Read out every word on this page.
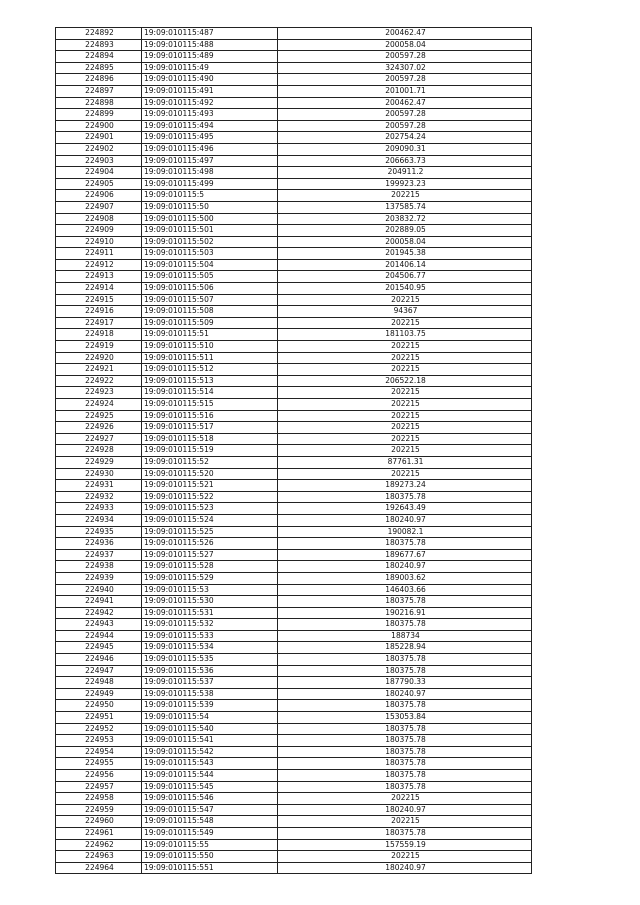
224892	19:09:010115:487	200462.47
224893	19:09:010115:488	200058.04
224894	19:09:010115:489	200597.28
224895	19:09:010115:49	324307.02
224896	19:09:010115:490	200597.28
224897	19:09:010115:491	201001.71
224898	19:09:010115:492	200462.47
224899	19:09:010115:493	200597.28
224900	19:09:010115:494	200597.28
224901	19:09:010115:495	202754.24
224902	19:09:010115:496	209090.31
224903	19:09:010115:497	206663.73
224904	19:09:010115:498	204911.2
224905	19:09:010115:499	199923.23
224906	19:09:010115:5	202215
224907	19:09:010115:50	137585.74
224908	19:09:010115:500	203832.72
224909	19:09:010115:501	202889.05
224910	19:09:010115:502	200058.04
224911	19:09:010115:503	201945.38
224912	19:09:010115:504	201406.14
224913	19:09:010115:505	204506.77
224914	19:09:010115:506	201540.95
224915	19:09:010115:507	202215
224916	19:09:010115:508	94367
224917	19:09:010115:509	202215
224918	19:09:010115:51	181103.75
224919	19:09:010115:510	202215
224920	19:09:010115:511	202215
224921	19:09:010115:512	202215
224922	19:09:010115:513	206522.18
224923	19:09:010115:514	202215
224924	19:09:010115:515	202215
224925	19:09:010115:516	202215
224926	19:09:010115:517	202215
224927	19:09:010115:518	202215
224928	19:09:010115:519	202215
224929	19:09:010115:52	87761.31
224930	19:09:010115:520	202215
224931	19:09:010115:521	189273.24
224932	19:09:010115:522	180375.78
224933	19:09:010115:523	192643.49
224934	19:09:010115:524	180240.97
224935	19:09:010115:525	190082.1
224936	19:09:010115:526	180375.78
224937	19:09:010115:527	189677.67
224938	19:09:010115:528	180240.97
224939	19:09:010115:529	189003.62
224940	19:09:010115:53	146403.66
224941	19:09:010115:530	180375.78
224942	19:09:010115:531	190216.91
224943	19:09:010115:532	180375.78
224944	19:09:010115:533	188734
224945	19:09:010115:534	185228.94
224946	19:09:010115:535	180375.78
224947	19:09:010115:536	180375.78
224948	19:09:010115:537	187790.33
224949	19:09:010115:538	180240.97
224950	19:09:010115:539	180375.78
224951	19:09:010115:54	153053.84
224952	19:09:010115:540	180375.78
224953	19:09:010115:541	180375.78
224954	19:09:010115:542	180375.78
224955	19:09:010115:543	180375.78
224956	19:09:010115:544	180375.78
224957	19:09:010115:545	180375.78
224958	19:09:010115:546	202215
224959	19:09:010115:547	180240.97
224960	19:09:010115:548	202215
224961	19:09:010115:549	180375.78
224962	19:09:010115:55	157559.19
224963	19:09:010115:550	202215
224964	19:09:010115:551	180240.97
